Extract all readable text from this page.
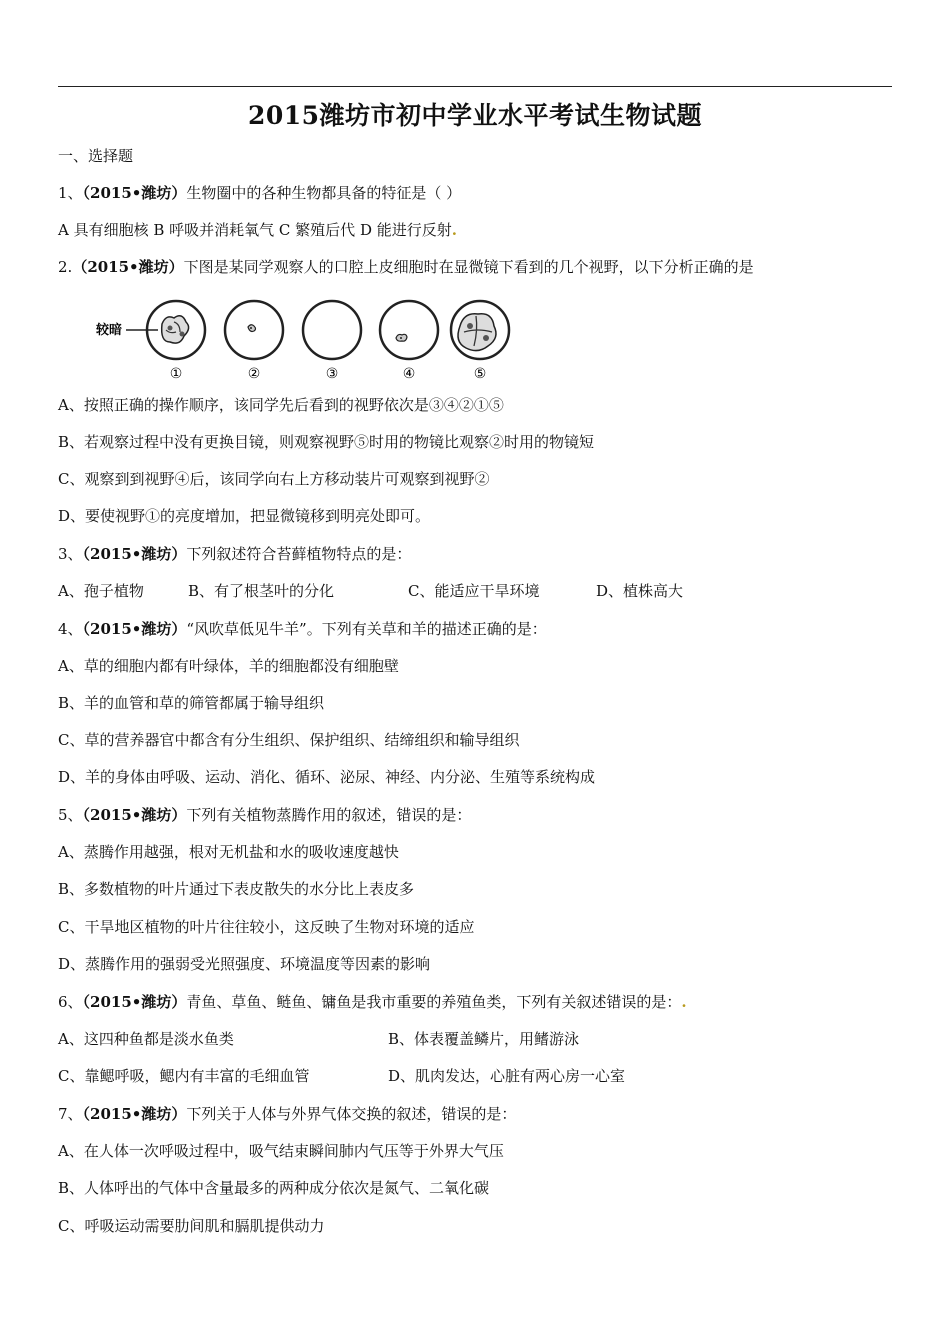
2015潍坊市初中学业水平考试生物试题
一、选择题
1、（2015•潍坊）生物圈中的各种生物都具备的特征是（ ）
A 具有细胞核 B 呼吸并消耗氧气 C 繁殖后代 D 能进行反射.
2.（2015•潍坊）下图是某同学观察人的口腔上皮细胞时在显微镜下看到的几个视野，以下分析正确的是
较暗
①	②	③	④	⑤
A、按照正确的操作顺序，该同学先后看到的视野依次是③④②①⑤
B、若观察过程中没有更换目镜，则观察视野⑤时用的物镜比观察②时用的物镜短
C、观察到到视野④后，该同学向右上方移动装片可观察到视野②
D、要使视野①的亮度增加，把显微镜移到明亮处即可。
3、（2015•潍坊）下列叙述符合苔藓植物特点的是：
A、孢子植物	B、有了根茎叶的分化	C、能适应干旱环境	D、植株高大
4、（2015•潍坊）“风吹草低见牛羊”。下列有关草和羊的描述正确的是：
A、草的细胞内都有叶绿体，羊的细胞都没有细胞壁
B、羊的血管和草的筛管都属于输导组织
C、草的营养器官中都含有分生组织、保护组织、结缔组织和输导组织
D、羊的身体由呼吸、运动、消化、循环、泌尿、神经、内分泌、生殖等系统构成
5、（2015•潍坊）下列有关植物蒸腾作用的叙述，错误的是：
A、蒸腾作用越强，根对无机盐和水的吸收速度越快
B、多数植物的叶片通过下表皮散失的水分比上表皮多
C、干旱地区植物的叶片往往较小，这反映了生物对环境的适应
D、蒸腾作用的强弱受光照强度、环境温度等因素的影响
6、（2015•潍坊）青鱼、草鱼、鲢鱼、镛鱼是我市重要的养殖鱼类，下列有关叙述错误的是：.
A、这四种鱼都是淡水鱼类	B、体表覆盖鳞片，用鳍游泳
C、靠鳃呼吸，鳃内有丰富的毛细血管	D、肌肉发达，心脏有两心房一心室
7、（2015•潍坊）下列关于人体与外界气体交换的叙述，错误的是：
A、在人体一次呼吸过程中，吸气结束瞬间肺内气压等于外界大气压
B、人体呼出的气体中含量最多的两种成分依次是氮气、二氧化碳
C、呼吸运动需要肋间肌和膈肌提供动力
